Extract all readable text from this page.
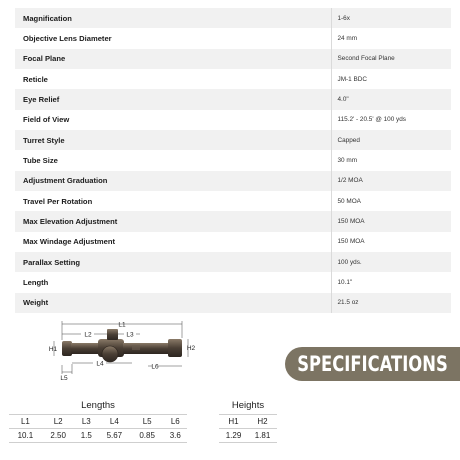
Magnification	1-6x
Objective Lens Diameter	24 mm
Focal Plane	Second Focal Plane
Reticle	JM-1 BDC
Eye Relief	4.0"
Field of View	115.2' - 20.5' @ 100 yds
Turret Style	Capped
Tube Size	30 mm
Adjustment Graduation	1/2 MOA
Travel Per Rotation	50 MOA
Max Elevation Adjustment	150 MOA
Max Windage Adjustment	150 MOA
Parallax Setting	100 yds.
Length	10.1"
Weight	21.5 oz
L1
L2	L3
H1	H2
L4	L6
L5
SPECIFICATIONS
Lengths
L1	L2	L3	L4	L5	L6
10.1	2.50	1.5	5.67	0.85	3.6
Heights
H1	H2
1.29	1.81
